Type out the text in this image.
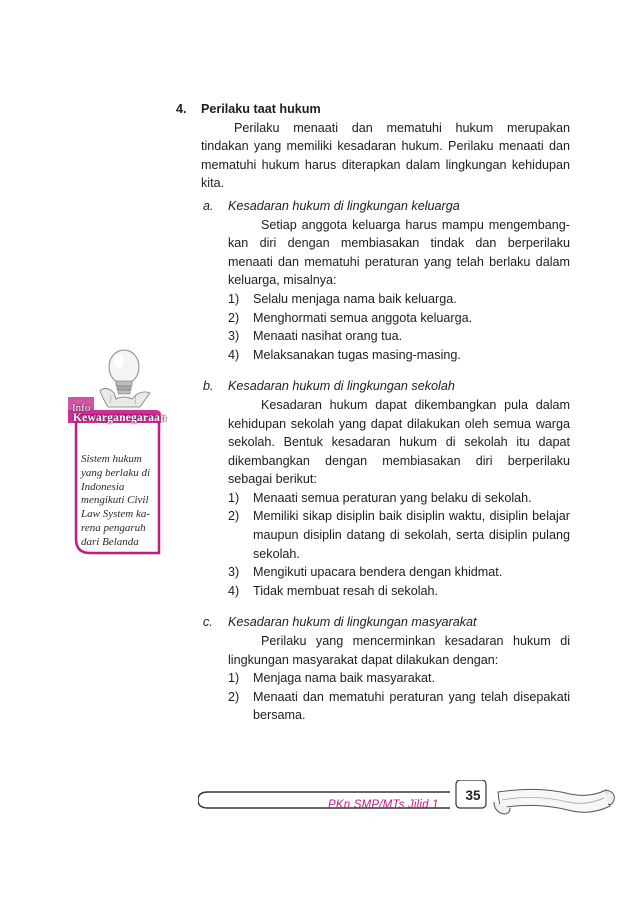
4. Perilaku taat hukum
Perilaku menaati dan mematuhi hukum merupakan tindakan yang memiliki kesadaran hukum. Perilaku menaati dan mematuhi hukum harus diterapkan dalam lingkungan kehidupan kita.
a. Kesadaran hukum di lingkungan keluarga
Setiap anggota keluarga harus mampu mengembang-kan diri dengan membiasakan tindak dan berperilaku menaati dan mematuhi peraturan yang telah berlaku dalam keluarga, misalnya:
1) Selalu menjaga nama baik keluarga.
2) Menghormati semua anggota keluarga.
3) Menaati nasihat orang tua.
4) Melaksanakan tugas masing-masing.
b. Kesadaran hukum di lingkungan sekolah
Kesadaran hukum dapat dikembangkan pula dalam kehidupan sekolah yang dapat dilakukan oleh semua warga sekolah. Bentuk kesadaran hukum di sekolah itu dapat dikembangkan dengan membiasakan diri berperilaku sebagai berikut:
1) Menaati semua peraturan yang belaku di sekolah.
2) Memiliki sikap disiplin baik disiplin waktu, disiplin belajar maupun disiplin datang di sekolah, serta disiplin pulang sekolah.
3) Mengikuti upacara bendera dengan khidmat.
4) Tidak membuat resah di sekolah.
c. Kesadaran hukum di lingkungan masyarakat
Perilaku yang mencerminkan kesadaran hukum di lingkungan masyarakat dapat dilakukan dengan:
1) Menjaga nama baik masyarakat.
2) Menaati dan mematuhi peraturan yang telah disepakati bersama.
Info
Kewarganegaraan
Sistem hukum yang berlaku di Indonesia mengikuti Civil Law System ka-rena pengaruh dari Belanda
PKn SMP/MTs Jilid 1
35
